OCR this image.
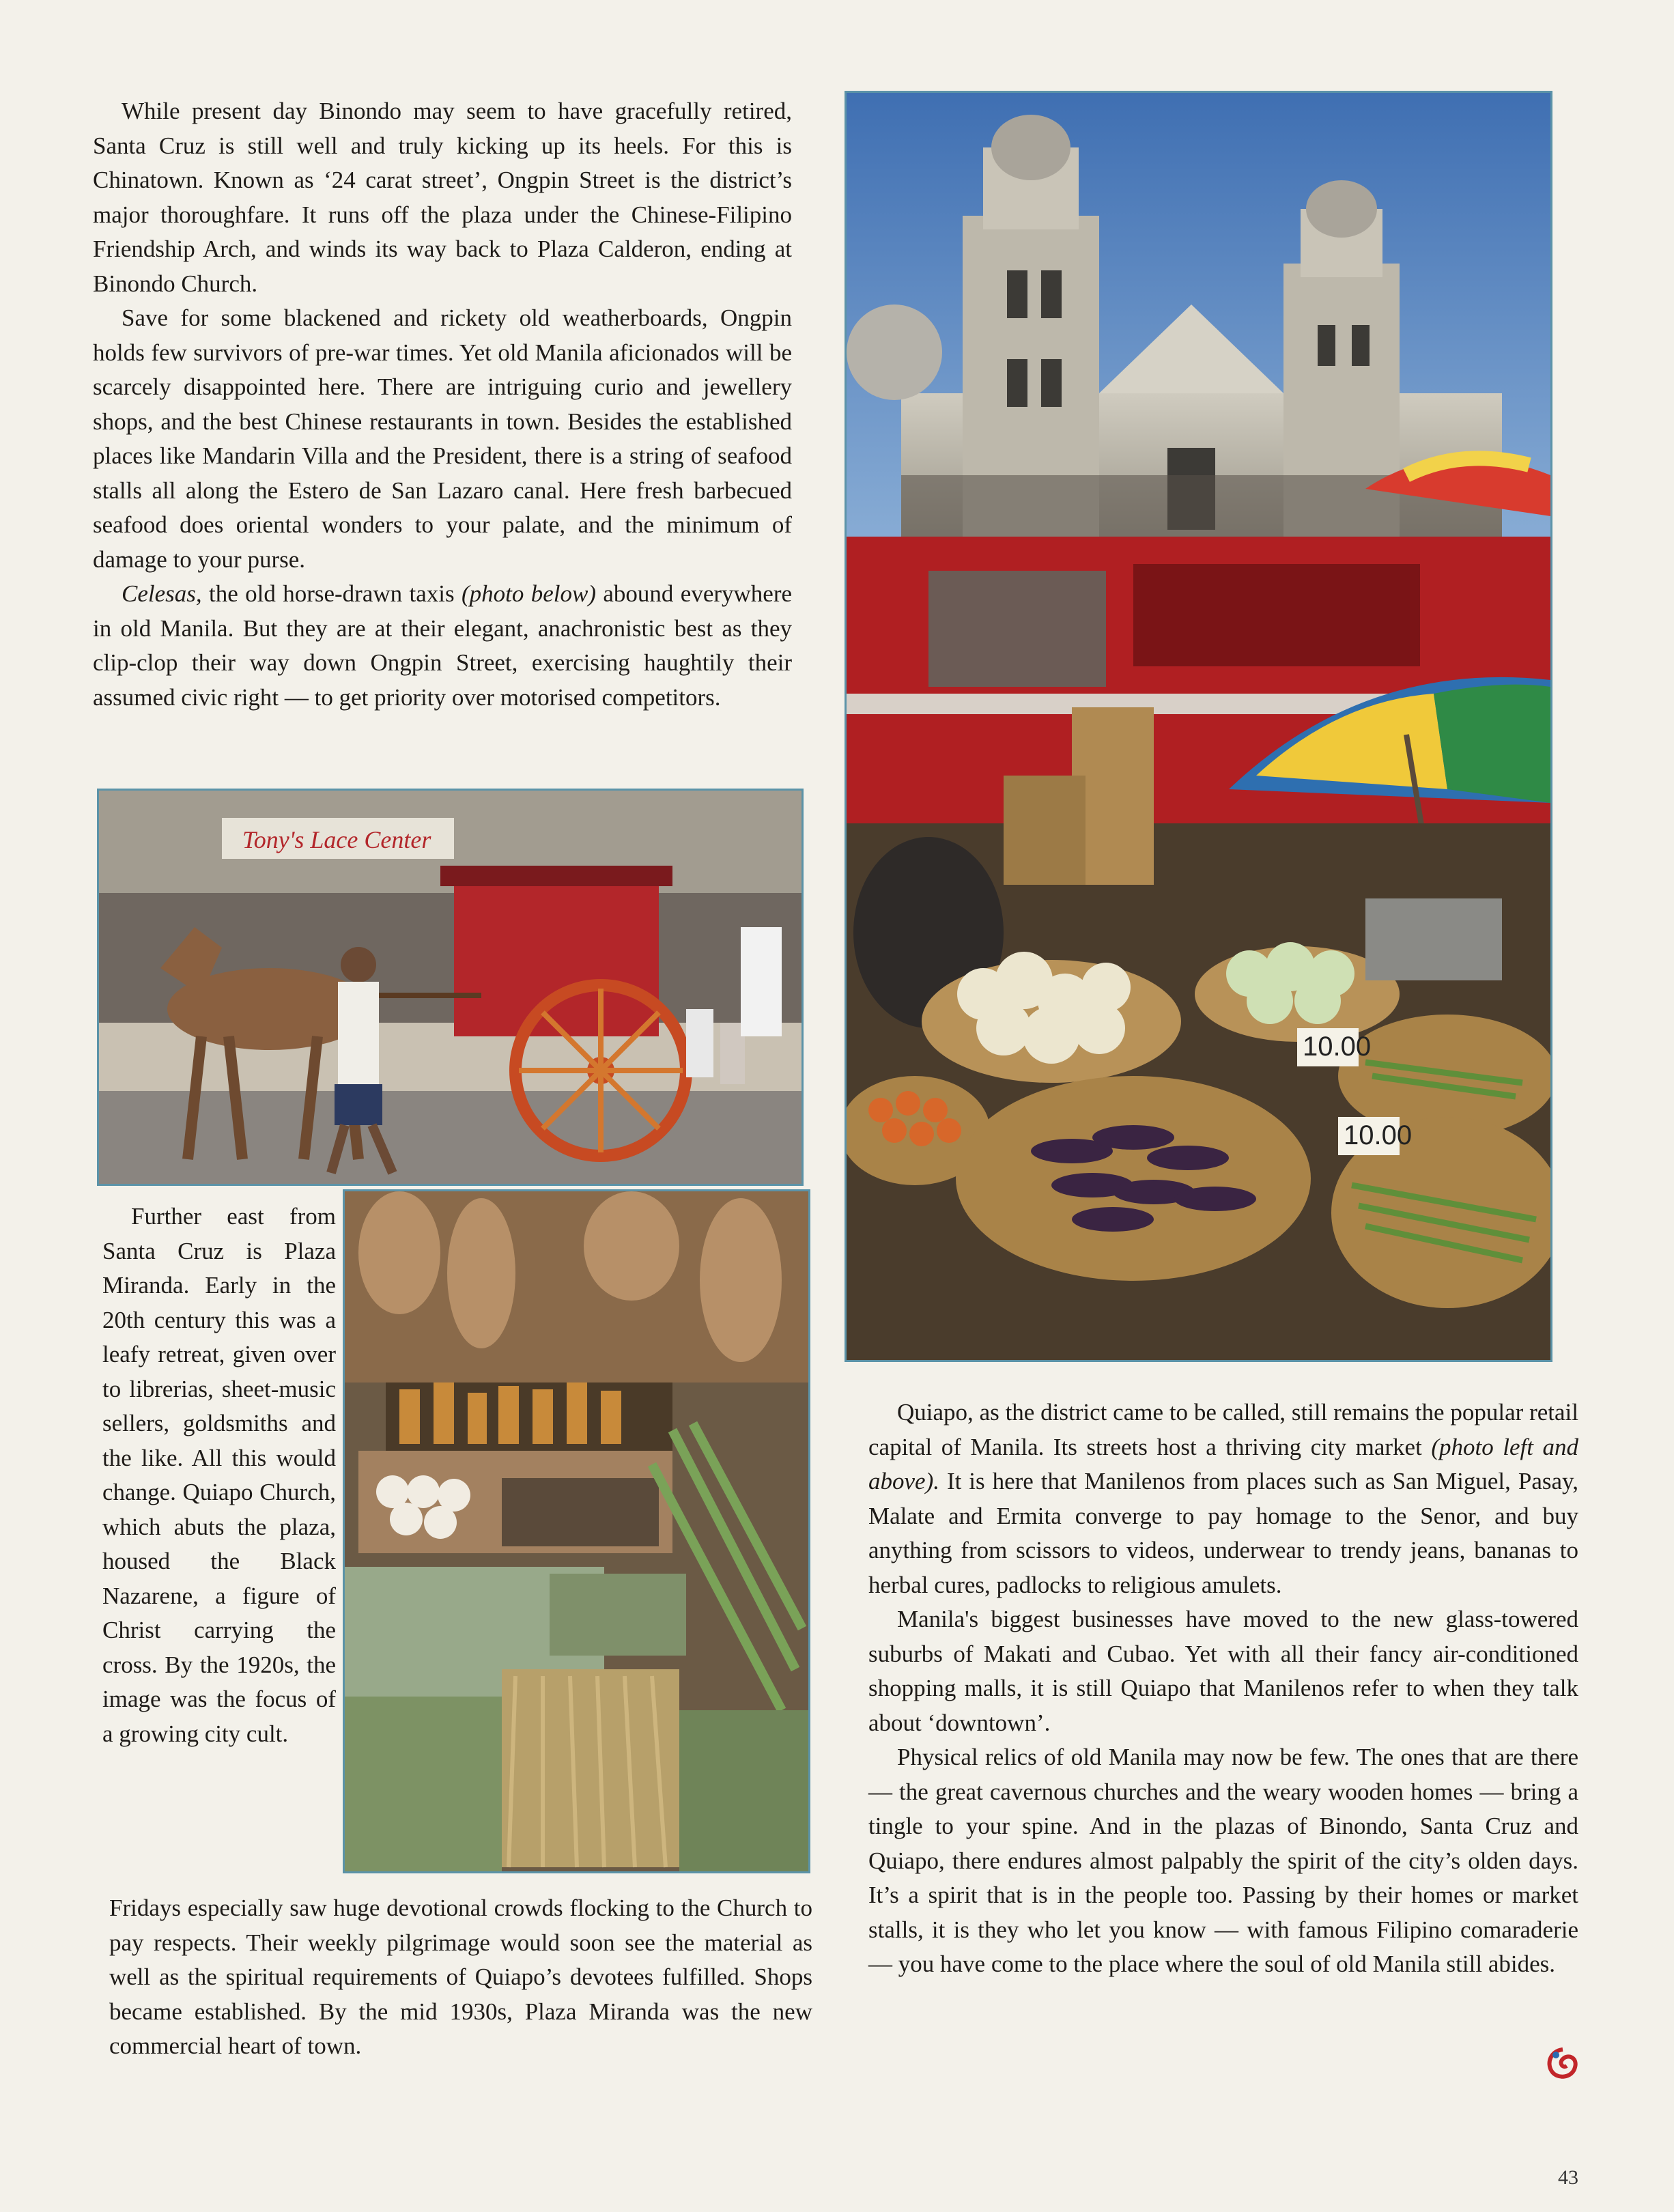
While present day Binondo may seem to have gracefully retired, Santa Cruz is still well and truly kicking up its heels. For this is Chinatown. Known as ‘24 carat street’, Ongpin Street is the district’s major thoroughfare. It runs off the plaza under the Chinese-Filipino Friendship Arch, and winds its way back to Plaza Calderon, ending at Binondo Church.

Save for some blackened and rickety old weatherboards, Ongpin holds few survivors of pre-war times. Yet old Manila aficionados will be scarcely disappointed here. There are intriguing curio and jewellery shops, and the best Chinese restaurants in town. Besides the established places like Mandarin Villa and the President, there is a string of seafood stalls all along the Estero de San Lazaro canal. Here fresh barbecued seafood does oriental wonders to your palate, and the minimum of damage to your purse.

Celesas, the old horse-drawn taxis (photo below) abound everywhere in old Manila. But they are at their elegant, anachronistic best as they clip-clop their way down Ongpin Street, exercising haughtily their assumed civic right — to get priority over motorised competitors.

10.00
10.00
Tony's Lace Center

Further east from Santa Cruz is Plaza Miranda. Early in the 20th century this was a leafy retreat, given over to librerias, sheet-music sellers, goldsmiths and the like. All this would change. Quiapo Church, which abuts the plaza, housed the Black Nazarene, a figure of Christ carrying the cross. By the 1920s, the image was the focus of a growing city cult.

Fridays especially saw huge devotional crowds flocking to the Church to pay respects. Their weekly pilgrimage would soon see the material as well as the spiritual requirements of Quiapo’s devotees fulfilled. Shops became established. By the mid 1930s, Plaza Miranda was the new commercial heart of town.

Quiapo, as the district came to be called, still remains the popular retail capital of Manila. Its streets host a thriving city market (photo left and above). It is here that Manilenos from places such as San Miguel, Pasay, Malate and Ermita converge to pay homage to the Senor, and buy anything from scissors to videos, underwear to trendy jeans, bananas to herbal cures, padlocks to religious amulets.

Manila's biggest businesses have moved to the new glass-towered suburbs of Makati and Cubao. Yet with all their fancy air-conditioned shopping malls, it is still Quiapo that Manilenos refer to when they talk about ‘downtown’.

Physical relics of old Manila may now be few. The ones that are there — the great cavernous churches and the weary wooden homes — bring a tingle to your spine. And in the plazas of Binondo, Santa Cruz and Quiapo, there endures almost palpably the spirit of the city’s olden days. It’s a spirit that is in the people too. Passing by their homes or market stalls, it is they who let you know — with famous Filipino comaraderie — you have come to the place where the soul of old Manila still abides.

43
